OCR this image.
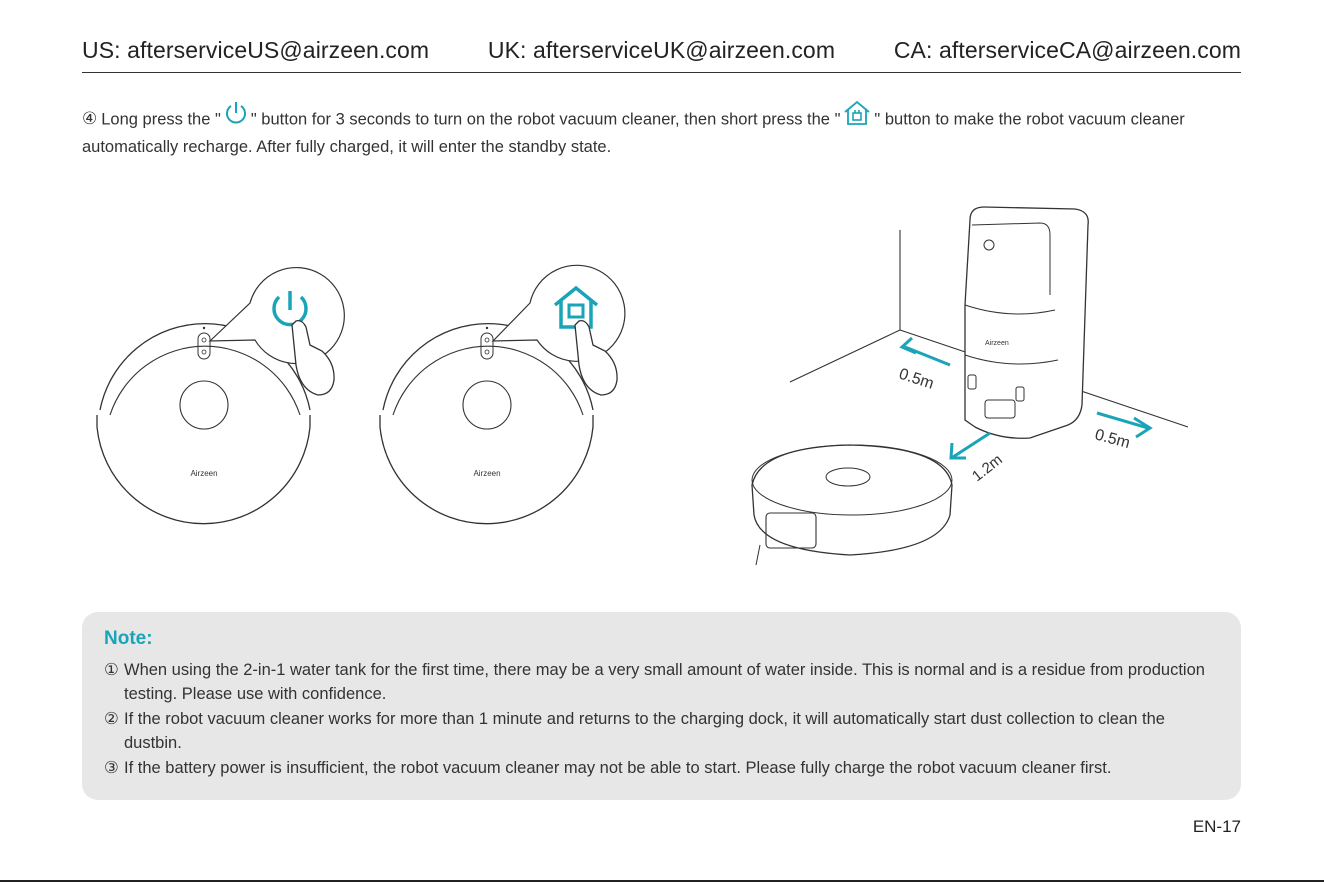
US: afterserviceUS@airzeen.com	UK: afterserviceUK@airzeen.com	CA: afterserviceCA@airzeen.com
④ Long press the " " button for 3 seconds to turn on the robot vacuum cleaner, then short press the " " button to make the robot vacuum cleaner automatically recharge. After fully charged, it will enter the standby state.
Airzeen	Airzeen
Airzeen
0.5m
0.5m
1.2m
Note:
① When using the 2-in-1 water tank for the first time, there may be a very small amount of water inside. This is normal and is a residue from production testing. Please use with confidence.
② If the robot vacuum cleaner works for more than 1 minute and returns to the charging dock, it will automatically start dust collection to clean the dustbin.
③ If the battery power is insufficient, the robot vacuum cleaner may not be able to start. Please fully charge the robot vacuum cleaner first.
EN-17
